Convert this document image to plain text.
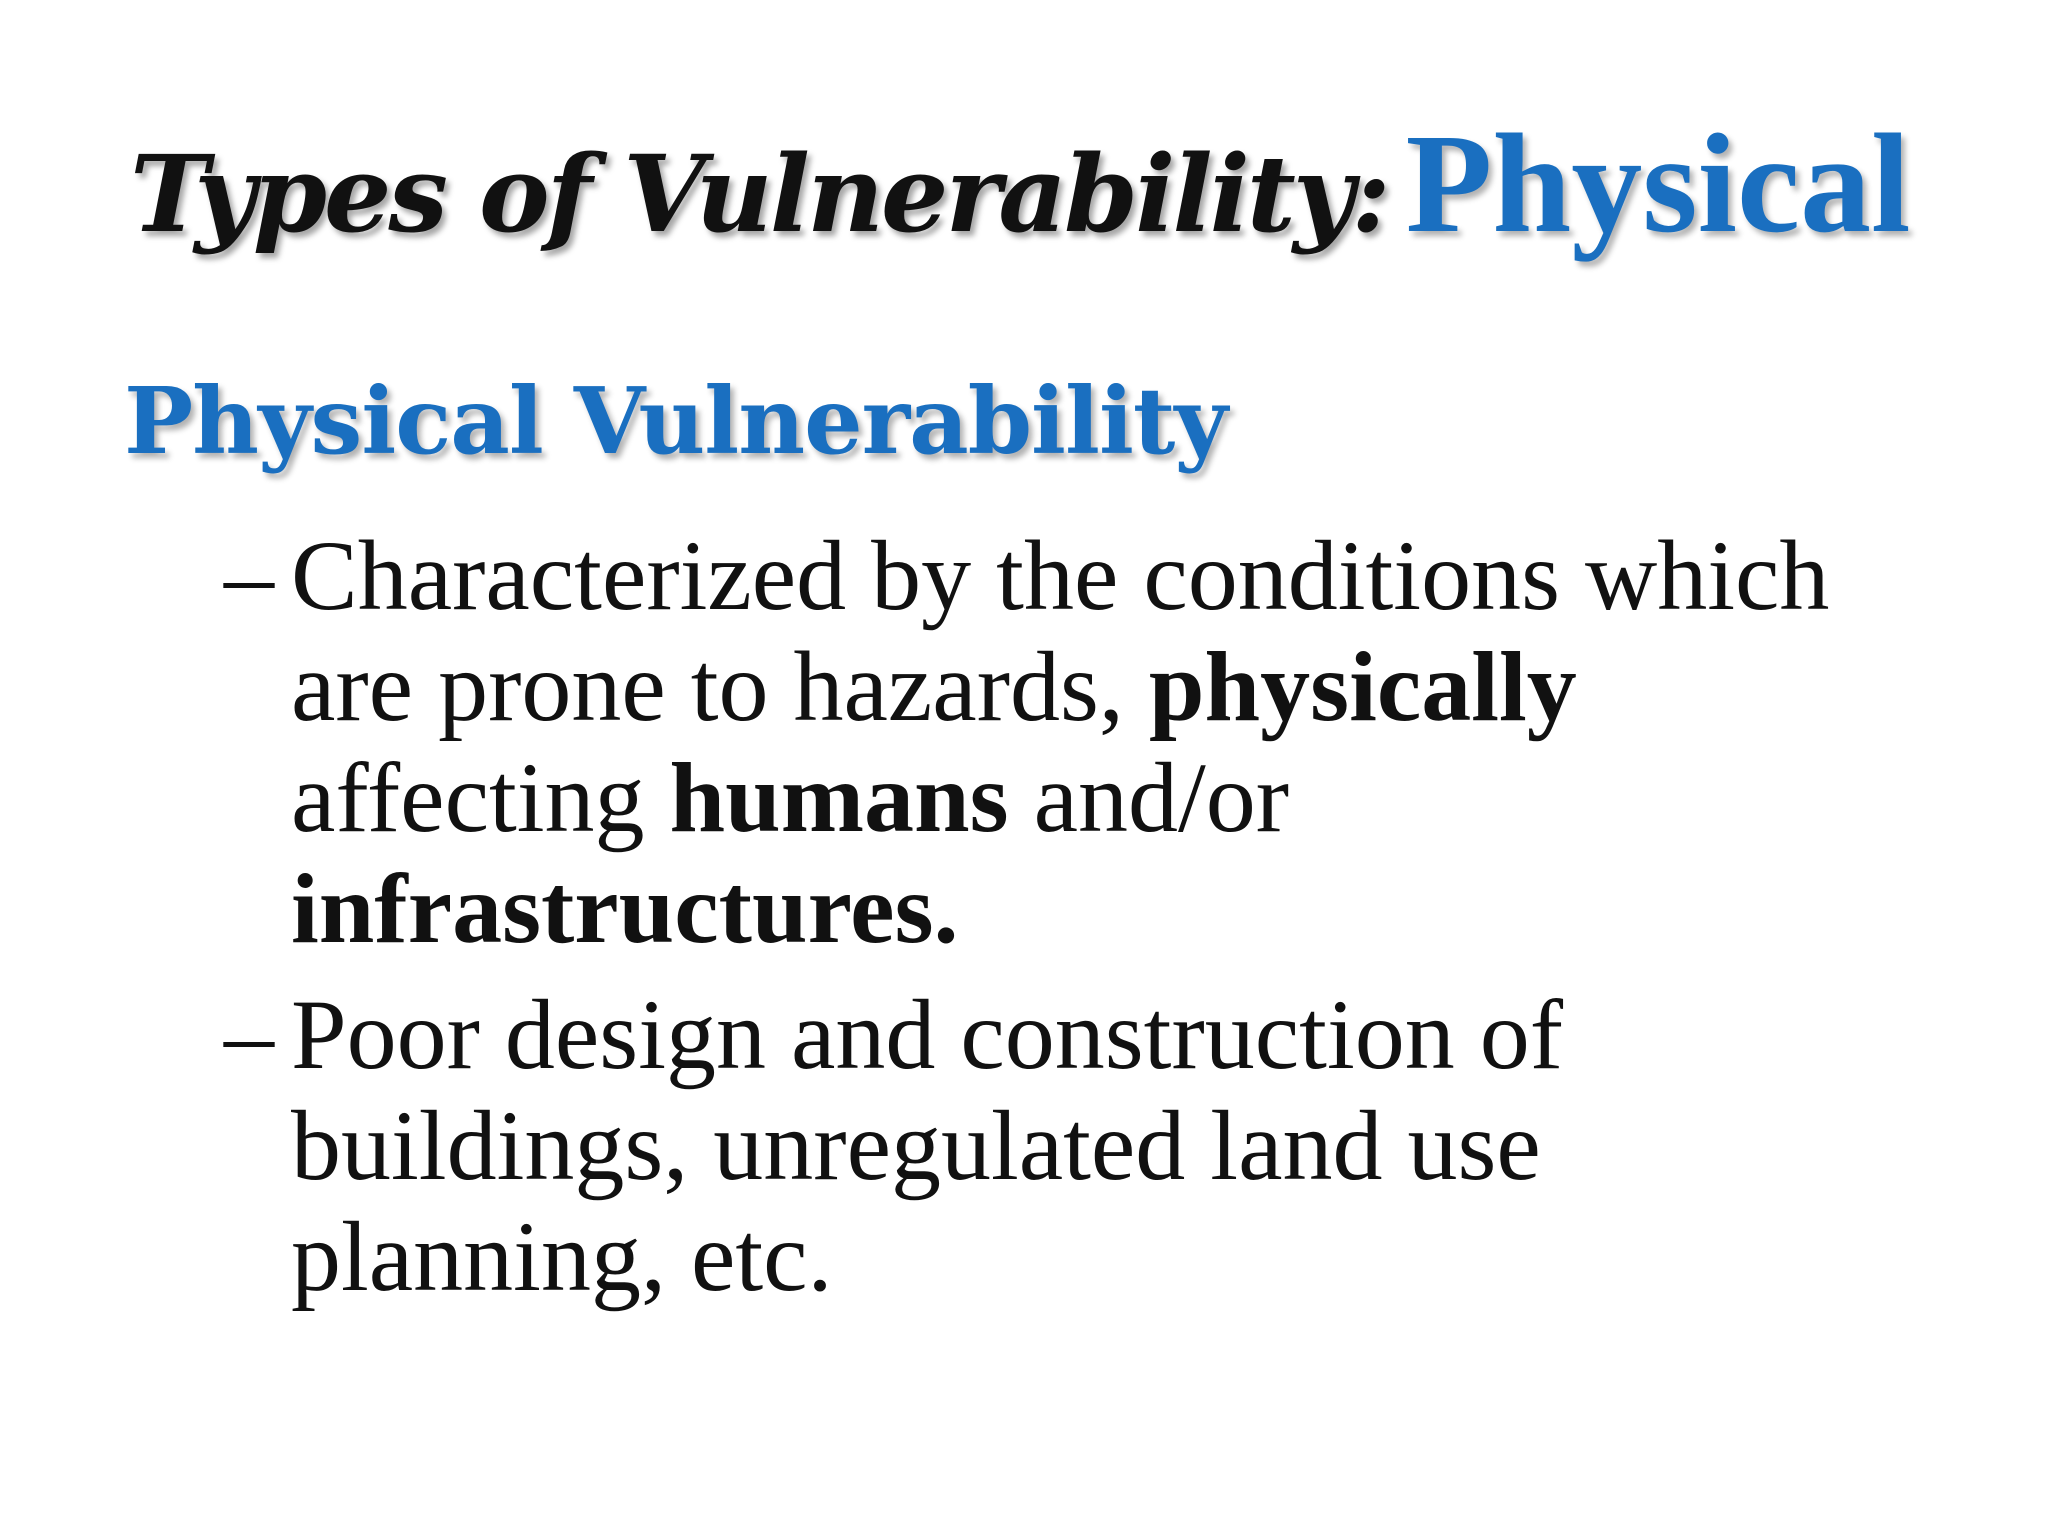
Types of Vulnerability: Physical
Physical Vulnerability
– Characterized by the conditions which are prone to hazards, physically affecting humans and/or infrastructures.
– Poor design and construction of buildings, unregulated land use planning, etc.
